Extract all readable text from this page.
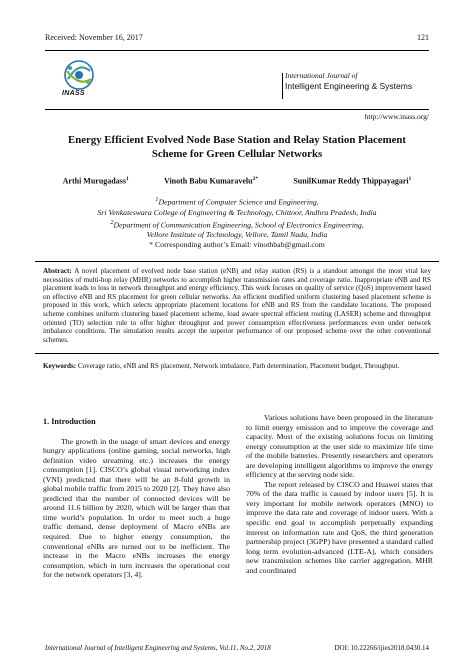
Received: November 16, 2017	121
INASS
International Journal of
Intelligent Engineering & Systems
http://www.inass.org/
Energy Efficient Evolved Node Base Station and Relay Station Placement
Scheme for Green Cellular Networks
Arthi Murugadass$^1$	Vinoth Babu Kumaravelu$^{2*}$	SunilKumar Reddy Thippayagari$^1$
$^1$Department of Computer Science and Engineering,
Sri Venkateswara College of Engineering & Technology, Chittoor, Andhra Pradesh, India
$^2$Department of Communication Engineering, School of Electronics Engineering,
Vellore Institute of Technology, Vellore, Tamil Nadu, India
* Corresponding author’s Email: vinothbab@gmail.com
Abstract: A novel placement of evolved node base station (eNB) and relay station (RS) is a standout amongst the most vital key necessities of multi-hop relay (MHR) networks to accomplish higher transmission rates and coverage ratio. Inappropriate eNB and RS placement leads to loss in network throughput and energy efficiency. This work focuses on quality of service (QoS) improvement based on effective eNB and RS placement for green cellular networks. An efficient modified uniform clustering based placement scheme is proposed in this work, which selects appropriate placement locations for eNB and RS from the candidate locations. The proposed scheme combines uniform clustering based placement scheme, load aware spectral efficient routing (LASER) scheme and throughput oriented (TO) selection rule to offer higher throughput and power consumption effectiveness performances even under network imbalance conditions. The simulation results accept the superior performance of our proposed scheme over the other conventional schemes.
Keywords: Coverage ratio, eNB and RS placement, Network imbalance, Path determination, Placement budget, Throughput.
1. Introduction
The growth in the usage of smart devices and energy hungry applications (online gaming, social networks, high definition video streaming etc.) increases the energy consumption [1]. CISCO’s global visual networking index (VNI) predicted that there will be an 8-fold growth in global mobile traffic from 2015 to 2020 [2]. They have also predicted that the number of connected devices will be around 11.6 billion by 2020, which will be larger than that time world’s population. In order to meet such a huge traffic demand, dense deployment of Macro eNBs are required. Due to higher energy consumption, the conventional eNBs are turned out to be inefficient. The increase in the Macro eNBs increases the energy consumption, which in turn increases the operational cost for the network operators [3, 4].
Various solutions have been proposed in the literature to limit energy emission and to improve the coverage and capacity. Most of the existing solutions focus on limiting energy consumption at the user side to maximize life time of the mobile batteries. Presently researchers and operators are developing intelligent algorithms to improve the energy efficiency at the serving node side.
The report released by CISCO and Huawei states that 70% of the data traffic is caused by indoor users [5]. It is very important for mobile network operators (MNO) to improve the data rate and coverage of indoor users. With a specific end goal to accomplish perpetually expanding interest on information rate and QoS, the third generation partnership project (3GPP) have presented a standard called long term evolution-advanced (LTE-A), which considers new transmission schemes like carrier aggregation, MHR and coordinated
International Journal of Intelligent Engineering and Systems, Vol.11, No.2, 2018	DOI: 10.22266/ijies2018.0430.14
